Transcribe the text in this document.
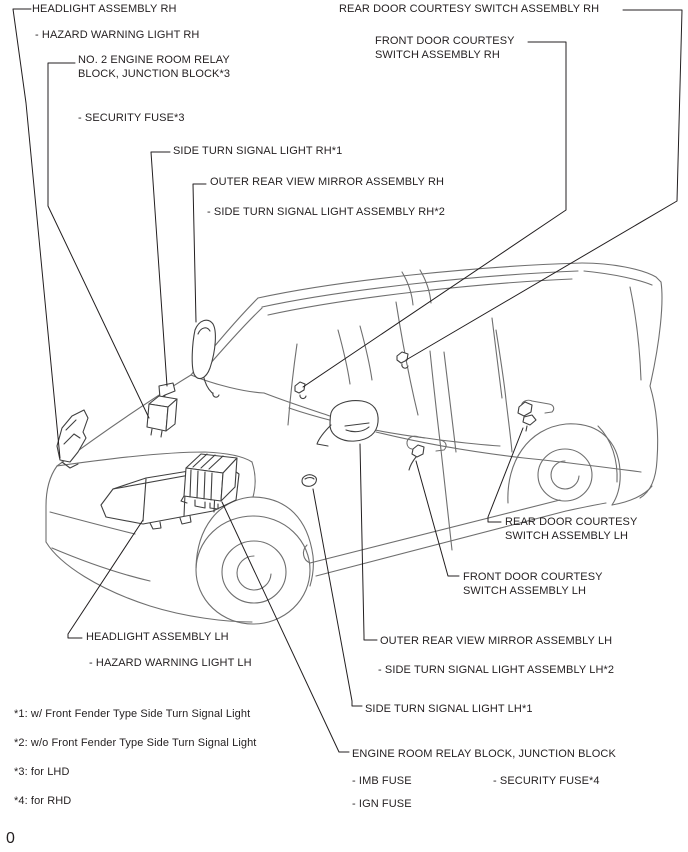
HEADLIGHT ASSEMBLY RH
- HAZARD WARNING LIGHT RH
NO. 2 ENGINE ROOM RELAY
BLOCK, JUNCTION BLOCK*3
- SECURITY FUSE*3
SIDE TURN SIGNAL LIGHT RH*1
OUTER REAR VIEW MIRROR ASSEMBLY RH
- SIDE TURN SIGNAL LIGHT ASSEMBLY RH*2
REAR DOOR COURTESY SWITCH ASSEMBLY RH
FRONT DOOR COURTESY
SWITCH ASSEMBLY RH
REAR DOOR COURTESY
SWITCH ASSEMBLY LH
FRONT DOOR COURTESY
SWITCH ASSEMBLY LH
HEADLIGHT ASSEMBLY LH
- HAZARD WARNING LIGHT LH
OUTER REAR VIEW MIRROR ASSEMBLY LH
- SIDE TURN SIGNAL LIGHT ASSEMBLY LH*2
SIDE TURN SIGNAL LIGHT LH*1
ENGINE ROOM RELAY BLOCK, JUNCTION BLOCK
- IMB FUSE	- SECURITY FUSE*4
- IGN FUSE
*1: w/ Front Fender Type Side Turn Signal Light
*2: w/o Front Fender Type Side Turn Signal Light
*3: for LHD
*4: for RHD
0
